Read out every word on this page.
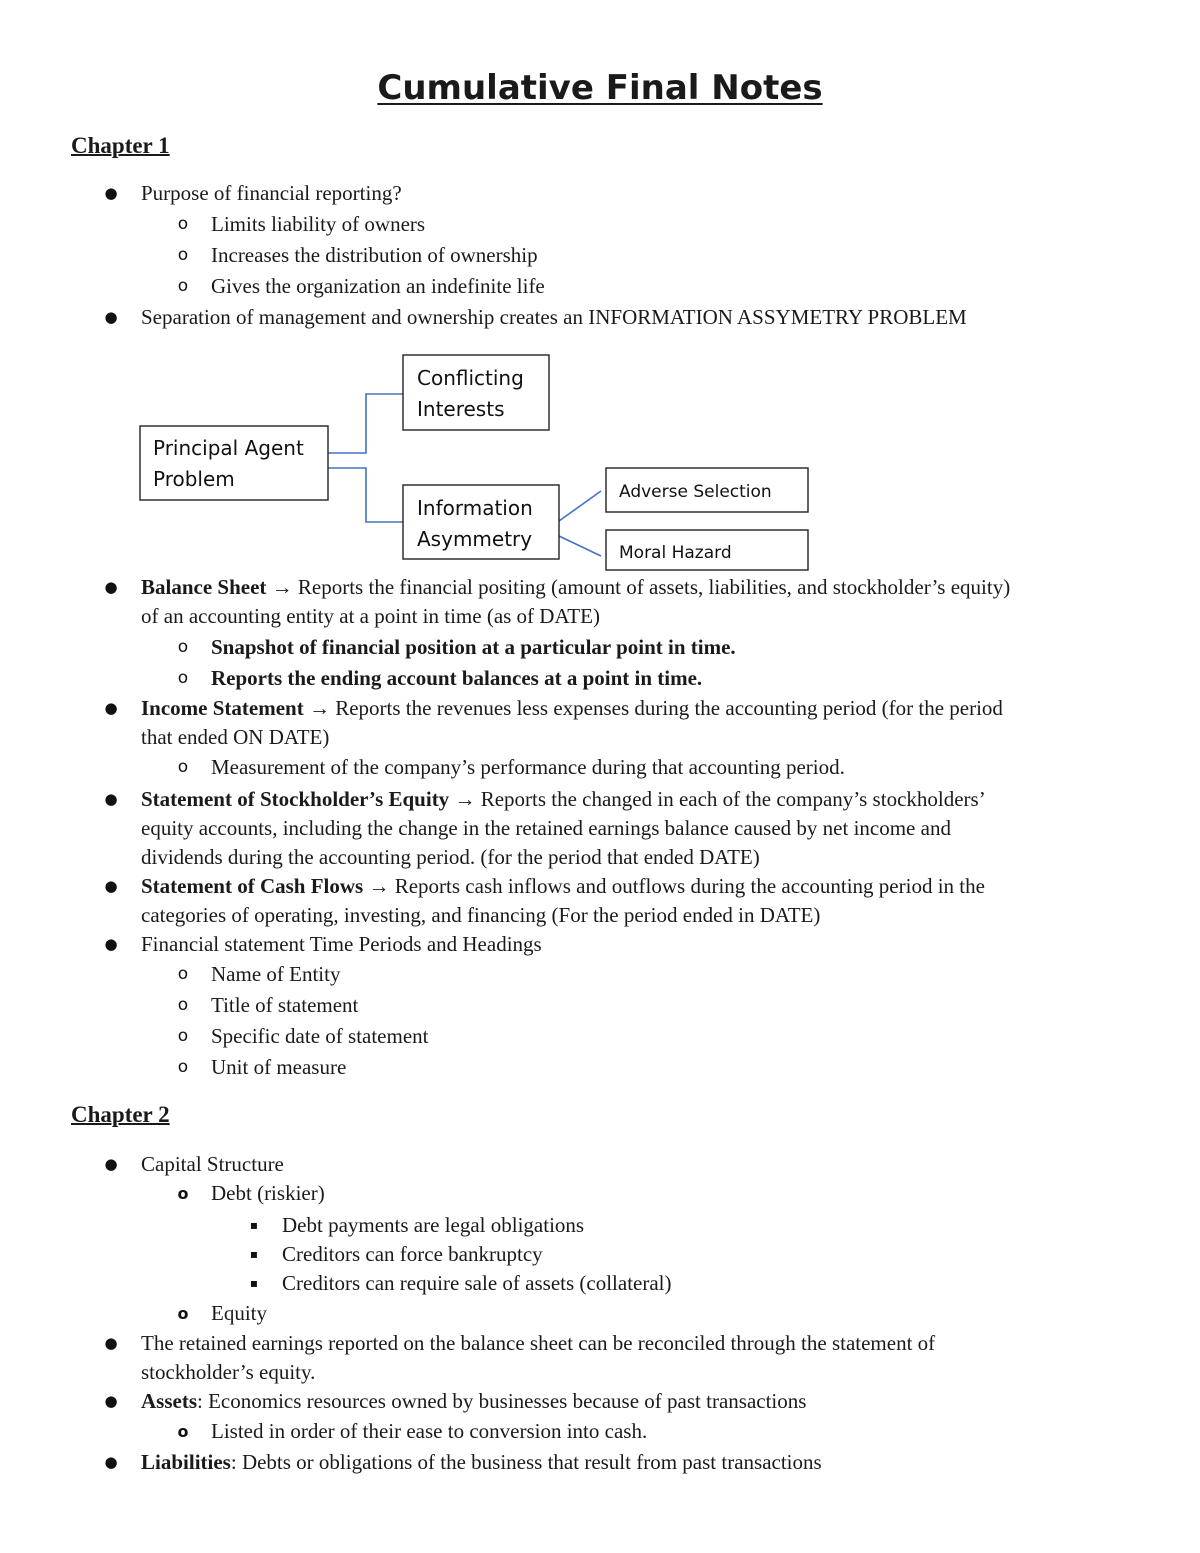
Cumulative Final Notes
Chapter 1
● Purpose of financial reporting?
o	Limits liability of owners
o	Increases the distribution of ownership
o	Gives the organization an indefinite life
● Separation of management and ownership creates an INFORMATION ASSYMETRY PROBLEM
Principal Agent
Problem
Conflicting
Interests
Information
Asymmetry
Adverse Selection
Moral Hazard
● Balance Sheet → Reports the financial positing (amount of assets, liabilities, and stockholder’s equity)
of an accounting entity at a point in time (as of DATE)
o	Snapshot of financial position at a particular point in time.
o	Reports the ending account balances at a point in time.
● Income Statement → Reports the revenues less expenses during the accounting period (for the period
that ended ON DATE)
o	Measurement of the company’s performance during that accounting period.
● Statement of Stockholder’s Equity → Reports the changed in each of the company’s stockholders’
equity accounts, including the change in the retained earnings balance caused by net income and
dividends during the accounting period. (for the period that ended DATE)
● Statement of Cash Flows → Reports cash inflows and outflows during the accounting period in the
categories of operating, investing, and financing (For the period ended in DATE)
● Financial statement Time Periods and Headings
o	Name of Entity
o	Title of statement
o	Specific date of statement
o	Unit of measure
Chapter 2
● Capital Structure
o	Debt (riskier)
▪	Debt payments are legal obligations
▪	Creditors can force bankruptcy
▪	Creditors can require sale of assets (collateral)
o	Equity
● The retained earnings reported on the balance sheet can be reconciled through the statement of
stockholder’s equity.
● Assets: Economics resources owned by businesses because of past transactions
o	Listed in order of their ease to conversion into cash.
● Liabilities: Debts or obligations of the business that result from past transactions
